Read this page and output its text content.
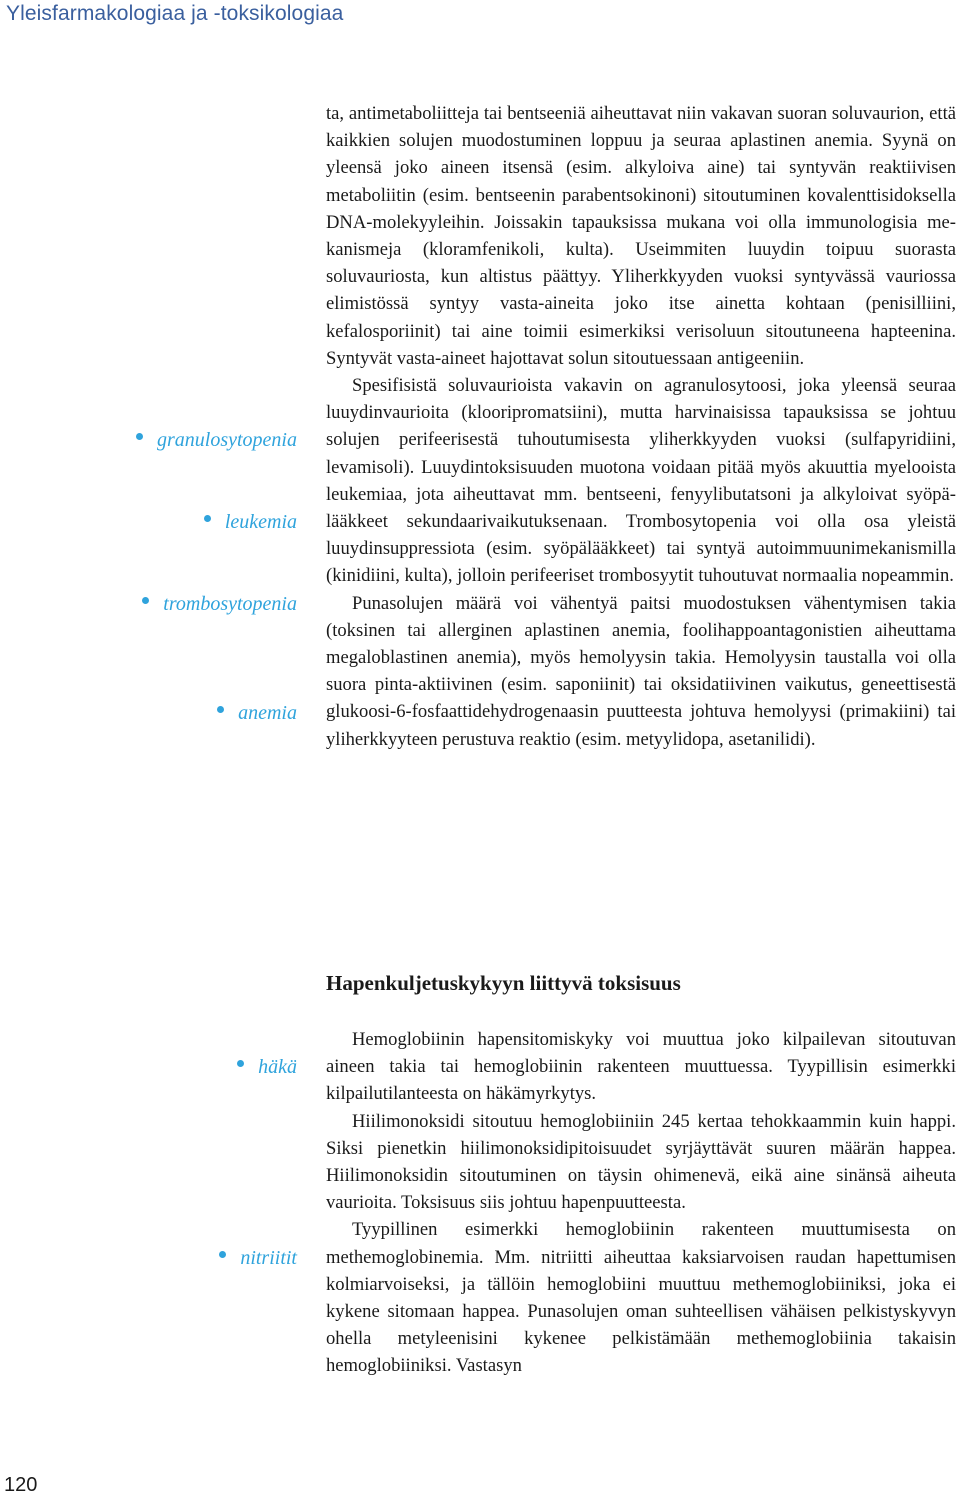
Yleisfarmakologiaa ja -toksikologiaa
granulosytopenia
leukemia
trombosytopenia
anemia
häkä
nitriitit

ta, antimetaboliitteja tai bentseeniä aiheuttavat niin vakavan suoran soluvaurion, että kaikkien solujen muodostuminen loppuu ja seuraa aplastinen anemia. Syynä on yleensä joko aineen itsensä (esim. alkyloiva aine) tai syntyvän reaktiivisen metaboliitin (esim. bentseenin parabentsokinoni) sitoutuminen kovalenttisidoksella DNA-molekyyleihin. Joissakin tapauksissa mukana voi olla immunologisia mekanismeja (kloramfenikoli, kulta). Useimmiten luuydin toipuu suorasta soluvauriosta, kun altistus päättyy. Yliherkkyyden vuoksi syntyvässä vauriossa elimistössä syntyy vasta-aineita joko itse ainetta kohtaan (penisilliini, kefalosporiinit) tai aine toimii esimerkiksi verisoluun sitoutuneena hapteenina. Syntyvät vasta-aineet hajottavat solun sitoutuessaan antigeeniin.

Spesifisistä soluvaurioista vakavin on agranulosytoosi, joka yleensä seuraa luuydinvaurioita (klooripromatsiini), mutta harvinaisissa tapauksissa se johtuu solujen perifeerisestä tuhoutumisesta yliherkkyyden vuoksi (sulfapyridiini, levamisoli). Luuydintoksisuuden muotona voidaan pitää myös akuuttia myelooista leukemiaa, jota aiheuttavat mm. bentseeni, fenyylibutatsoni ja alkyloivat syöpälääkkeet sekundaarivaikutuksenaan. Trombosytopenia voi olla osa yleistä luuydinsuppressiota (esim. syöpälääkkeet) tai syntyä autoimmuunimekanismilla (kinidiini, kulta), jolloin perifeeriset trombosyytit tuhoutuvat normaalia nopeammin.

Punasolujen määrä voi vähentyä paitsi muodostuksen vähentymisen takia (toksinen tai allerginen aplastinen anemia, foolihappoantagonistien aiheuttama megaloblastinen anemia), myös hemolyysin takia. Hemolyysin taustalla voi olla suora pinta-aktiivinen (esim. saponiinit) tai oksidatiivinen vaikutus, geneettisestä glukoosi-6-fosfaattidehydrogenaasin puutteesta johtuva hemolyysi (primakiini) tai yliherkkyyteen perustuva reaktio (esim. metyylidopa, asetanilidi).

Hapenkuljetuskykyyn liittyvä toksisuus

Hemoglobiinin hapensitomiskyky voi muuttua joko kilpailevan sitoutuvan aineen takia tai hemoglobiinin rakenteen muuttuessa. Tyypillisin esimerkki kilpailutilanteesta on häkämyrkytys.

Hiilimonoksidi sitoutuu hemoglobiiniin 245 kertaa tehokkaammin kuin happi. Siksi pienetkin hiilimonoksidipitoisuudet syrjäyttävät suuren määrän happea. Hiilimonoksidin sitoutuminen on täysin ohimenevä, eikä aine sinänsä aiheuta vaurioita. Toksisuus siis johtuu hapenpuutteesta.

Tyypillinen esimerkki hemoglobiinin rakenteen muuttumisesta on methemoglobinemia. Mm. nitriitti aiheuttaa kaksiarvoisen raudan hapettumisen kolmiarvoiseksi, ja tällöin hemoglobiini muuttuu methemoglobiiniksi, joka ei kykene sitomaan happea. Punasolujen oman suhteellisen vähäisen pelkistyskyvyn ohella metyleenisini kykenee pelkistämään methemoglobiinia takaisin hemoglobiiniksi. Vastasyn

120
